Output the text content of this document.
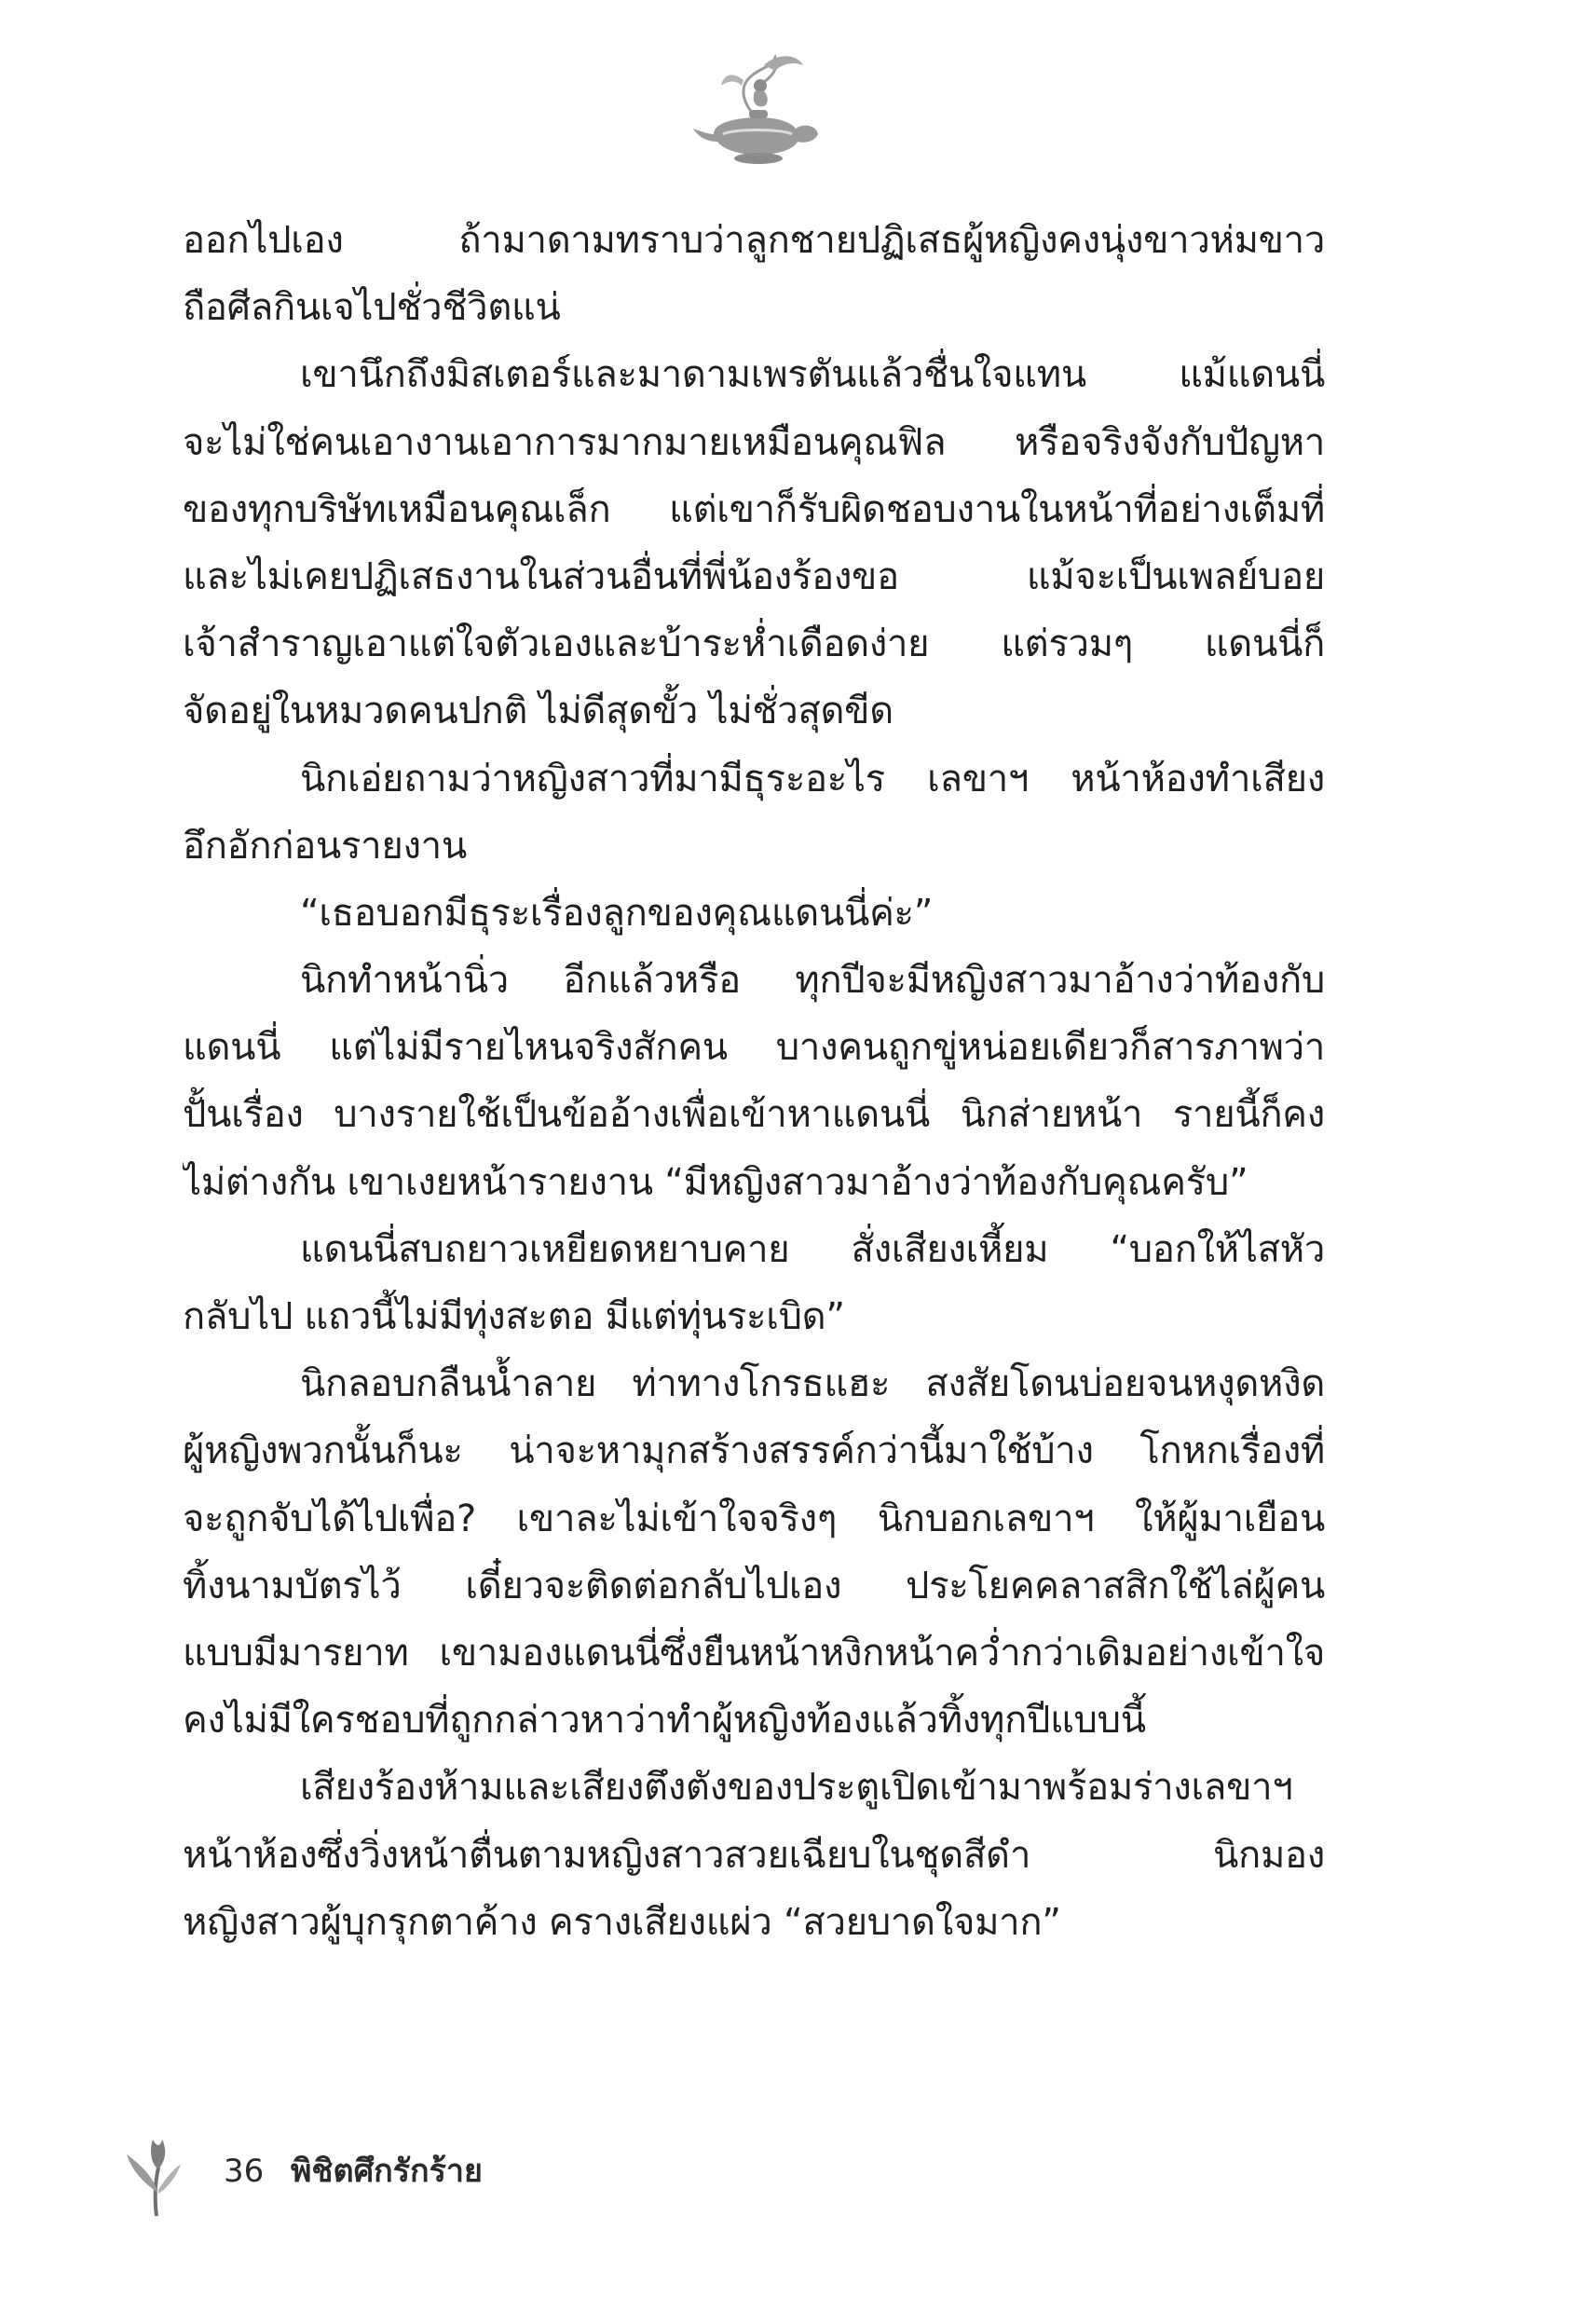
ออกไปเอง ถ้ามาดามทราบว่าลูกชายปฏิเสธผู้หญิงคงนุ่งขาวห่มขาว
ถือศีลกินเจไปชั่วชีวิตแน่
เขานึกถึงมิสเตอร์และมาดามเพรตันแล้วชื่นใจแทน แม้แดนนี่
จะไม่ใช่คนเอางานเอาการมากมายเหมือนคุณฟิล หรือจริงจังกับปัญหา
ของทุกบริษัทเหมือนคุณเล็ก แต่เขาก็รับผิดชอบงานในหน้าที่อย่างเต็มที่
และไม่เคยปฏิเสธงานในส่วนอื่นที่พี่น้องร้องขอ แม้จะเป็นเพลย์บอย
เจ้าสำราญเอาแต่ใจตัวเองและบ้าระห่ำเดือดง่าย แต่รวมๆ แดนนี่ก็
จัดอยู่ในหมวดคนปกติ ไม่ดีสุดขั้ว ไม่ชั่วสุดขีด
นิกเอ่ยถามว่าหญิงสาวที่มามีธุระอะไร เลขาฯ หน้าห้องทำเสียง
อึกอักก่อนรายงาน
“เธอบอกมีธุระเรื่องลูกของคุณแดนนี่ค่ะ”
นิกทำหน้านิ่ว อีกแล้วหรือ ทุกปีจะมีหญิงสาวมาอ้างว่าท้องกับ
แดนนี่ แต่ไม่มีรายไหนจริงสักคน บางคนถูกขู่หน่อยเดียวก็สารภาพว่า
ปั้นเรื่อง บางรายใช้เป็นข้ออ้างเพื่อเข้าหาแดนนี่ นิกส่ายหน้า รายนี้ก็คง
ไม่ต่างกัน เขาเงยหน้ารายงาน “มีหญิงสาวมาอ้างว่าท้องกับคุณครับ”
แดนนี่สบถยาวเหยียดหยาบคาย สั่งเสียงเหี้ยม “บอกให้ไสหัว
กลับไป แถวนี้ไม่มีทุ่งสะตอ มีแต่ทุ่นระเบิด”
นิกลอบกลืนน้ำลาย ท่าทางโกรธแฮะ สงสัยโดนบ่อยจนหงุดหงิด
ผู้หญิงพวกนั้นก็นะ น่าจะหามุกสร้างสรรค์กว่านี้มาใช้บ้าง โกหกเรื่องที่
จะถูกจับได้ไปเพื่อ? เขาละไม่เข้าใจจริงๆ นิกบอกเลขาฯ ให้ผู้มาเยือน
ทิ้งนามบัตรไว้ เดี๋ยวจะติดต่อกลับไปเอง ประโยคคลาสสิกใช้ไล่ผู้คน
แบบมีมารยาท เขามองแดนนี่ซึ่งยืนหน้าหงิกหน้าคว่ำกว่าเดิมอย่างเข้าใจ
คงไม่มีใครชอบที่ถูกกล่าวหาว่าทำผู้หญิงท้องแล้วทิ้งทุกปีแบบนี้
เสียงร้องห้ามและเสียงตึงตังของประตูเปิดเข้ามาพร้อมร่างเลขาฯ
หน้าห้องซึ่งวิ่งหน้าตื่นตามหญิงสาวสวยเฉียบในชุดสีดำ นิกมอง
หญิงสาวผู้บุกรุกตาค้าง ครางเสียงแผ่ว “สวยบาดใจมาก”
36 พิชิตศึกรักร้าย
